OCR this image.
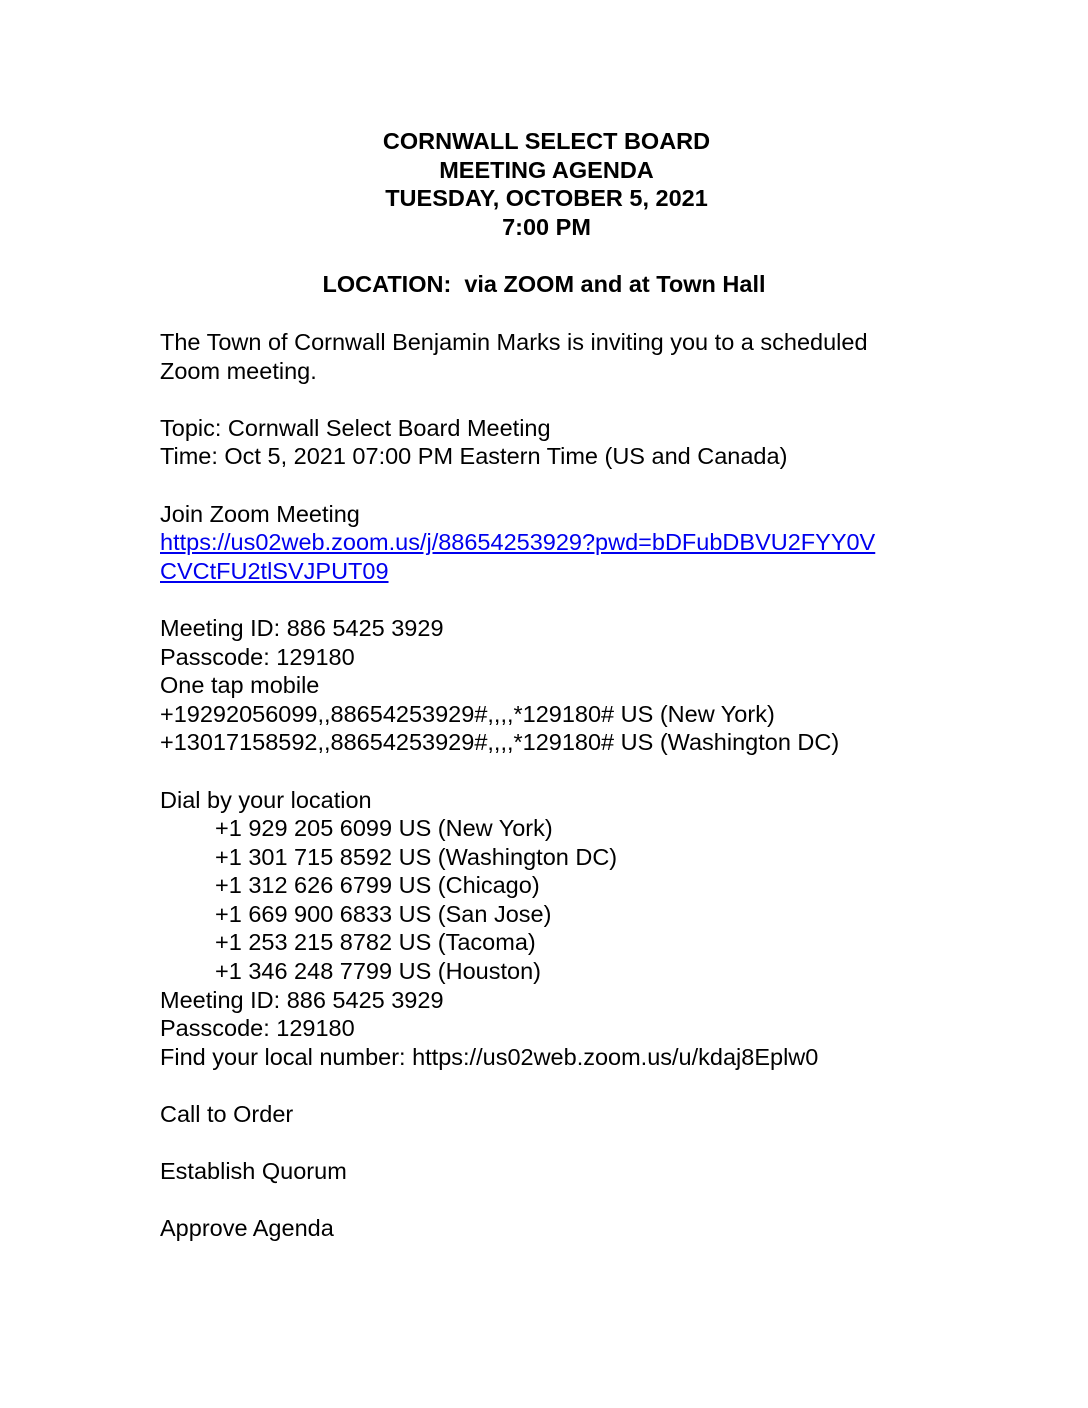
CORNWALL SELECT BOARD
MEETING AGENDA
TUESDAY, OCTOBER 5, 2021
7:00 PM
LOCATION:  via ZOOM and at Town Hall
The Town of Cornwall Benjamin Marks is inviting you to a scheduled
Zoom meeting.
Topic: Cornwall Select Board Meeting
Time: Oct 5, 2021 07:00 PM Eastern Time (US and Canada)
Join Zoom Meeting
https://us02web.zoom.us/j/88654253929?pwd=bDFubDBVU2FYY0V
CVCtFU2tlSVJPUT09
Meeting ID: 886 5425 3929
Passcode: 129180
One tap mobile
+19292056099,,88654253929#,,,,*129180# US (New York)
+13017158592,,88654253929#,,,,*129180# US (Washington DC)
Dial by your location
+1 929 205 6099 US (New York)
+1 301 715 8592 US (Washington DC)
+1 312 626 6799 US (Chicago)
+1 669 900 6833 US (San Jose)
+1 253 215 8782 US (Tacoma)
+1 346 248 7799 US (Houston)
Meeting ID: 886 5425 3929
Passcode: 129180
Find your local number: https://us02web.zoom.us/u/kdaj8Eplw0
Call to Order
Establish Quorum
Approve Agenda
